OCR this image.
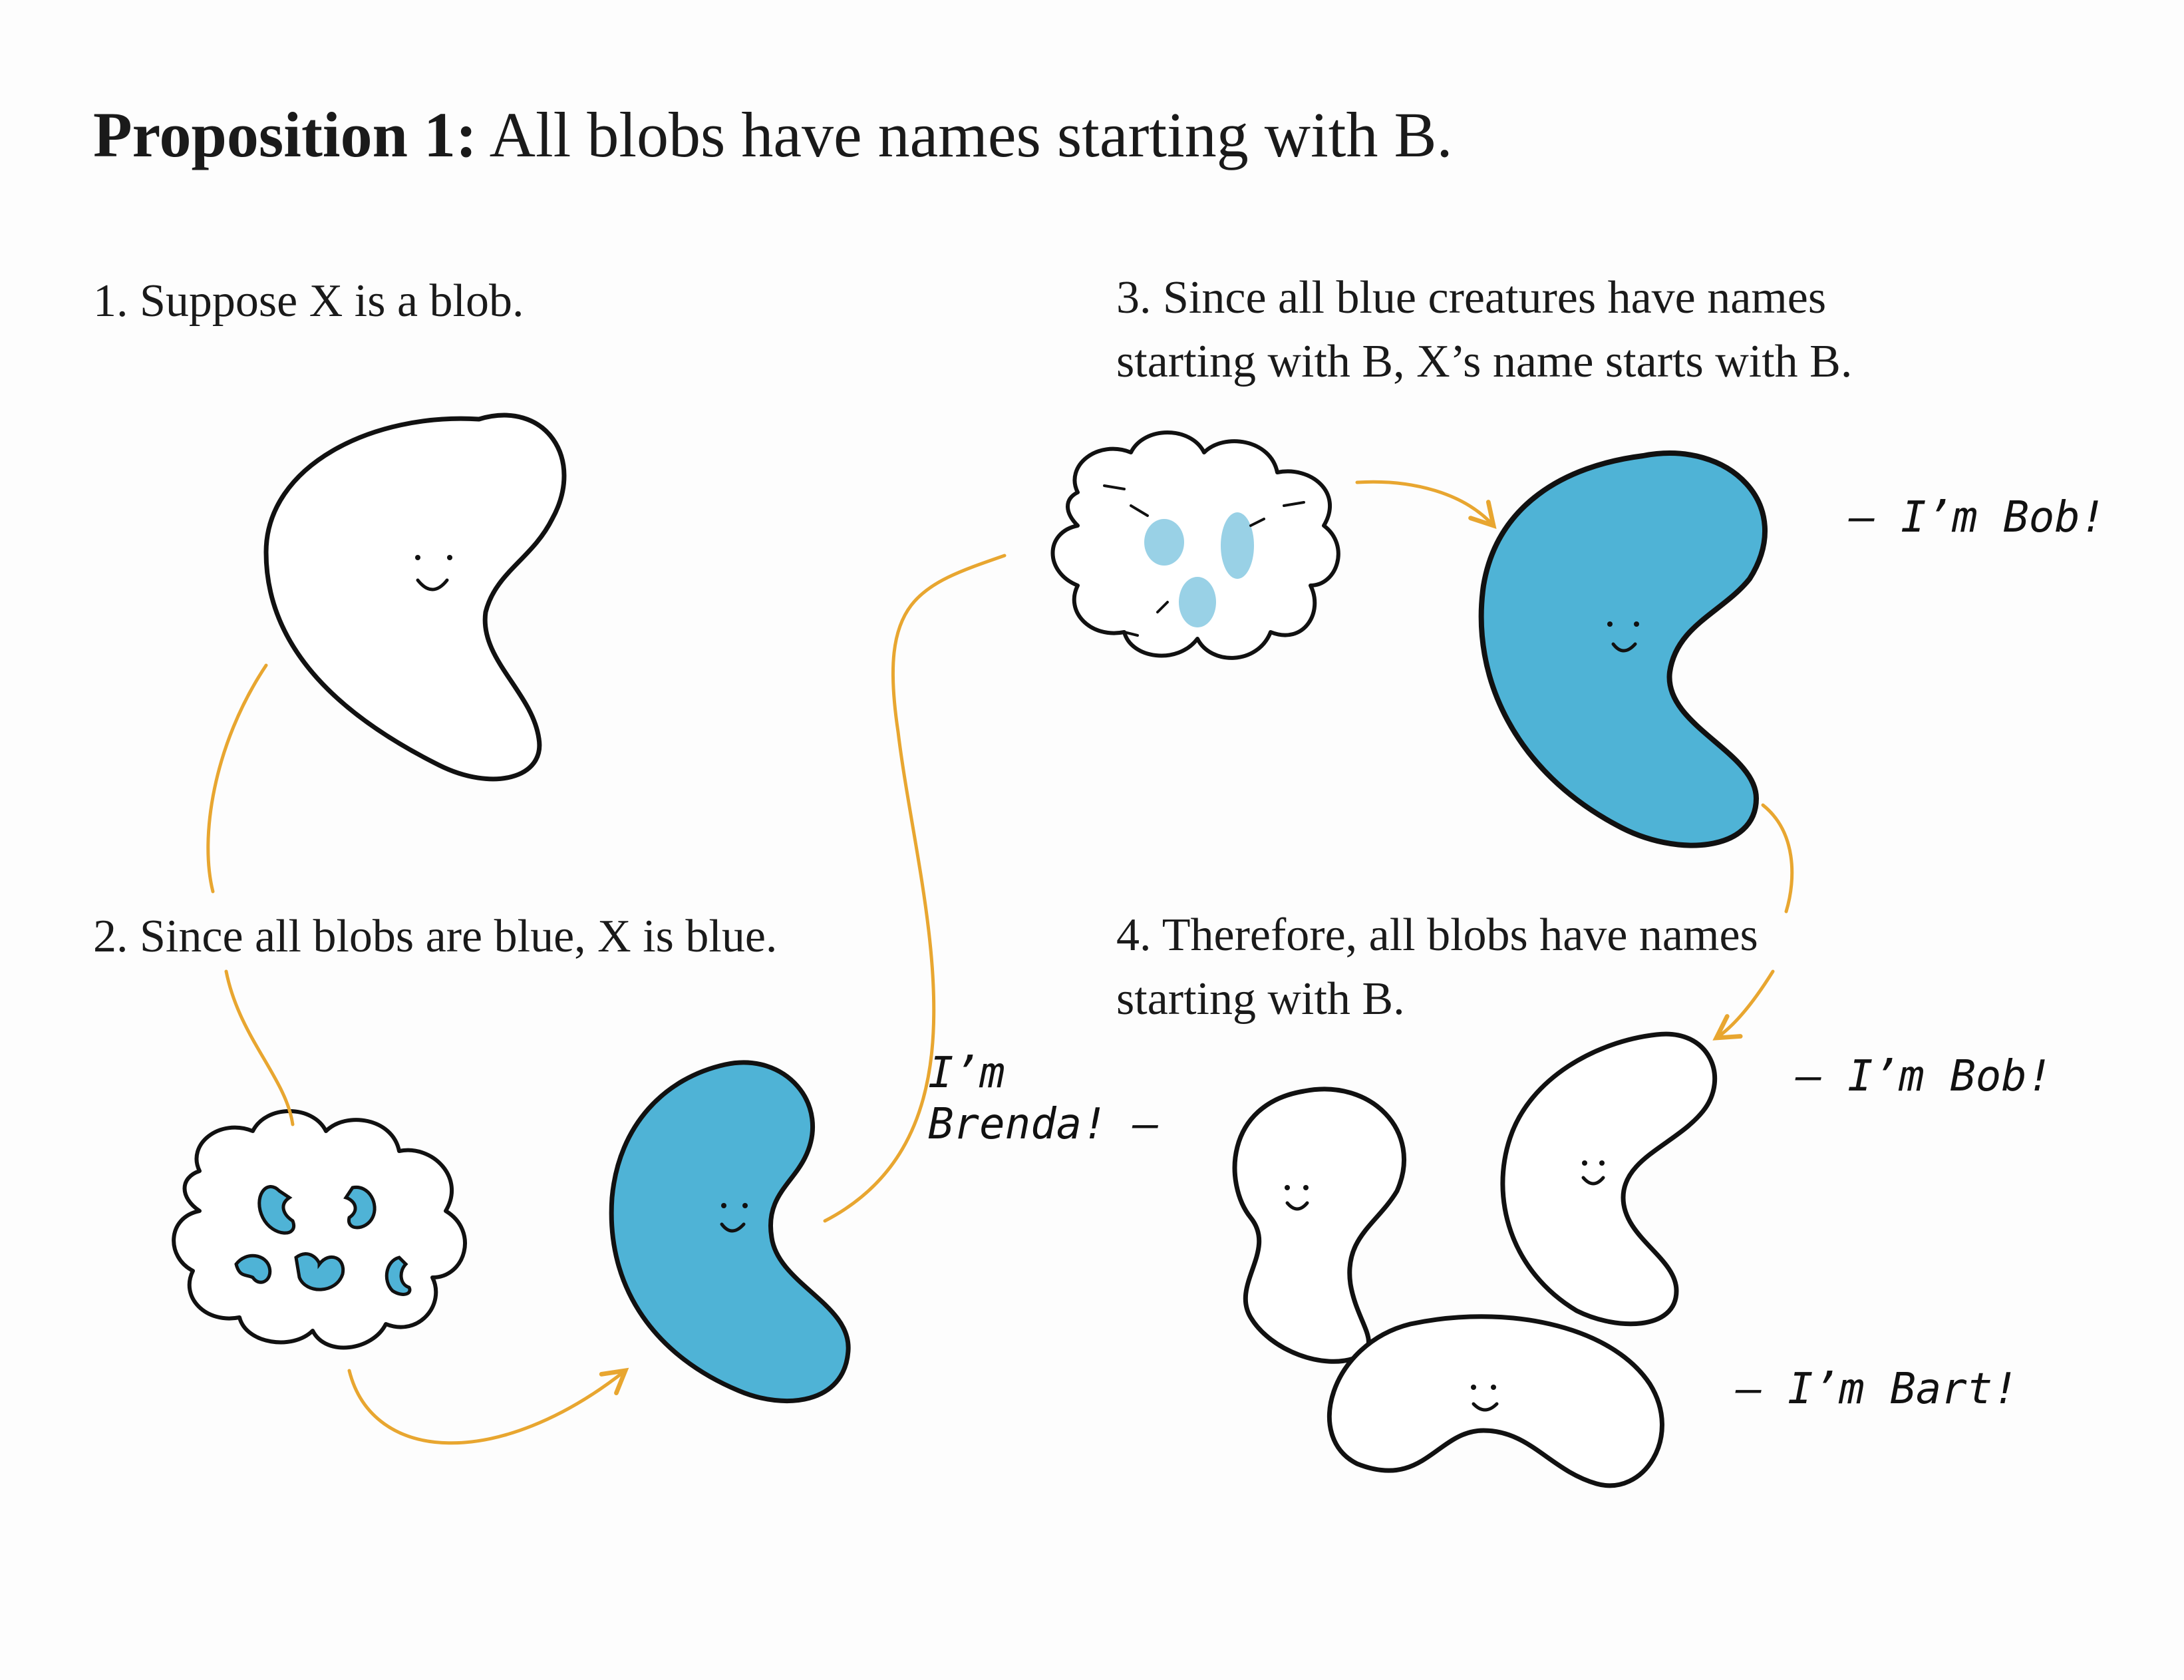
Proposition 1: All blobs have names starting with B.
1. Suppose X is a blob.
2. Since all blobs are blue, X is blue.
3. Since all blue creatures have names
starting with B, X’s name starts with B.
4. Therefore, all blobs have names
starting with B.
— I’m Bob!
I’m
Brenda! —
— I’m Bob!
— I’m Bart!
